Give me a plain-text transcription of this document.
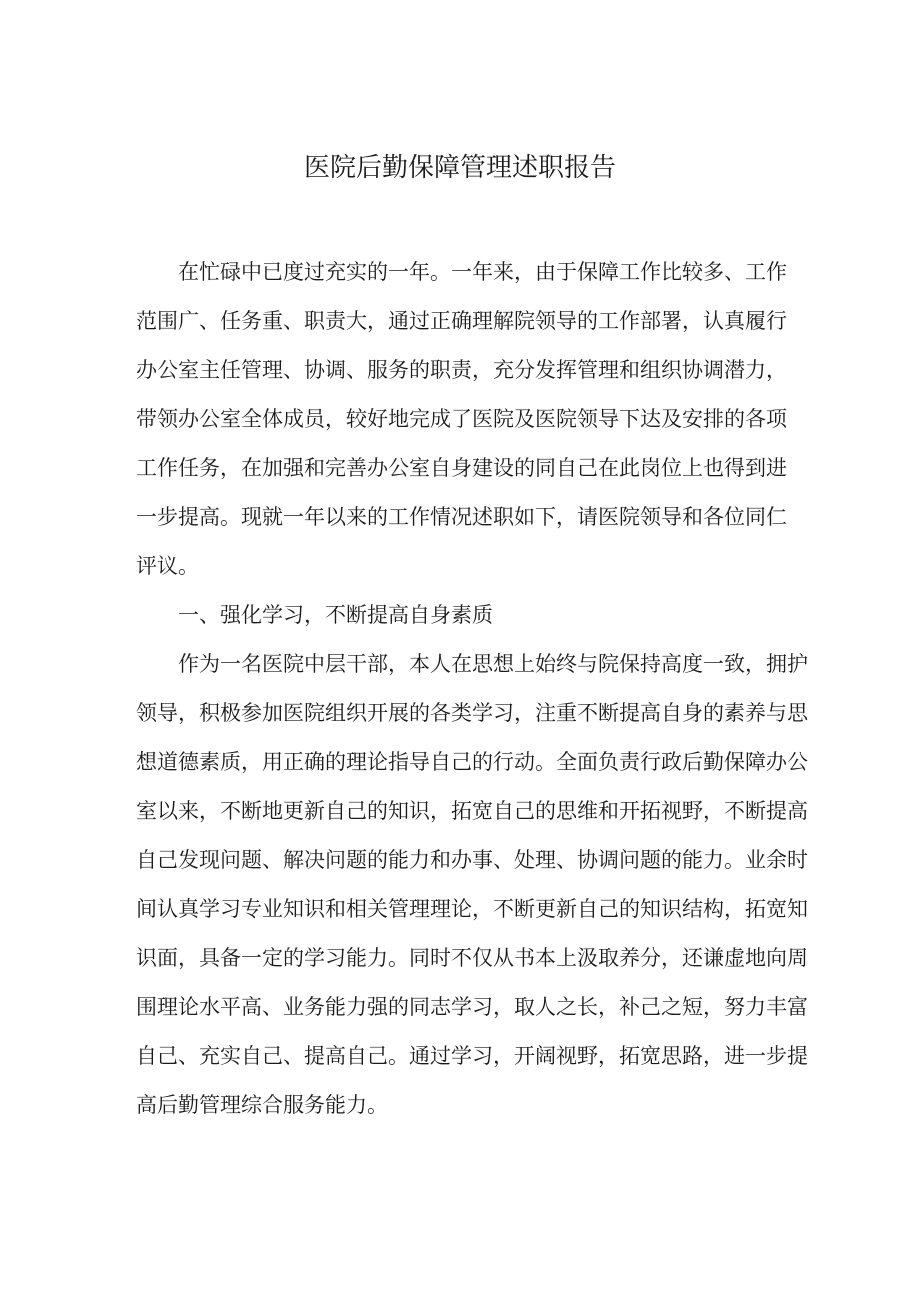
医院后勤保障管理述职报告

在忙碌中已度过充实的一年。一年来，由于保障工作比较多、工作

范围广、任务重、职责大，通过正确理解院领导的工作部署，认真履行

办公室主任管理、协调、服务的职责，充分发挥管理和组织协调潜力，

带领办公室全体成员，较好地完成了医院及医院领导下达及安排的各项

工作任务，在加强和完善办公室自身建设的同自己在此岗位上也得到进

一步提高。现就一年以来的工作情况述职如下，请医院领导和各位同仁

评议。

一、强化学习，不断提高自身素质

作为一名医院中层干部，本人在思想上始终与院保持高度一致，拥护

领导，积极参加医院组织开展的各类学习，注重不断提高自身的素养与思

想道德素质，用正确的理论指导自己的行动。全面负责行政后勤保障办公

室以来，不断地更新自己的知识，拓宽自己的思维和开拓视野，不断提高

自己发现问题、解决问题的能力和办事、处理、协调问题的能力。业余时

间认真学习专业知识和相关管理理论，不断更新自己的知识结构，拓宽知

识面，具备一定的学习能力。同时不仅从书本上汲取养分，还谦虚地向周

围理论水平高、业务能力强的同志学习，取人之长，补己之短，努力丰富

自己、充实自己、提高自己。通过学习，开阔视野，拓宽思路，进一步提

高后勤管理综合服务能力。
